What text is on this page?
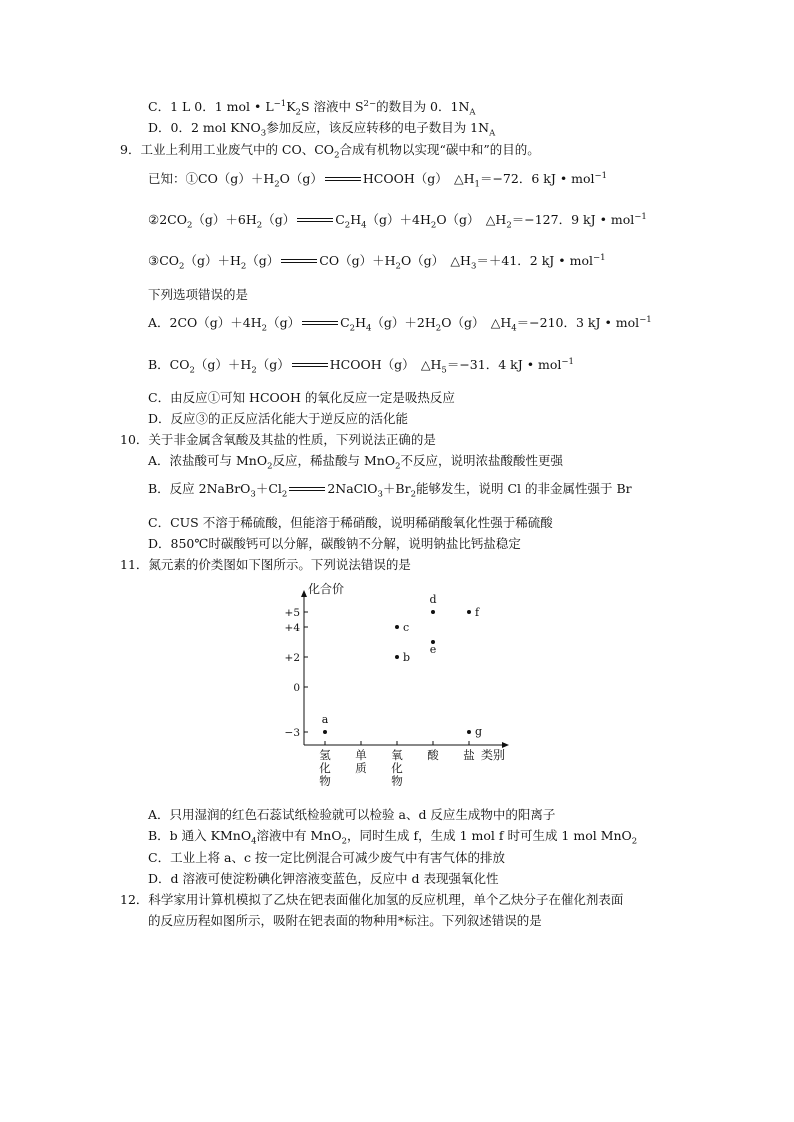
C．1 L 0．1 mol • $L^{-1}K_2S$ 溶液中 $S^{2-}$的数目为 0．$1N_A$
D．0．2 mol $KNO_3$参加反应，该反应转移的电子数目为 $1N_A$
9．工业上利用工业废气中的 CO、$CO_2$合成有机物以实现“碳中和”的目的。
已知：$①CO(g)+H_2O(g)$	HCOOH（g）　$\triangle H_1=-72$．6 kJ • mol$^{-1}$
$②2CO_2(g)+6H_2(g)$	$C_2H_4(g)+4H_2O(g)$　$\triangle H_2=-127$．9 kJ • mol$^{-1}$
$③CO_2(g)+H_2(g)$	$CO(g)+H_2O(g)$　$\triangle H_3=+41$．2 kJ • mol$^{-1}$
下列选项错误的是
A．$2CO(g)+4H_2(g)$	$C_2H_4(g)+2H_2O(g)$　$\triangle H_4=-210$．3 kJ • mol$^{-1}$
B．$CO_2(g)+H_2(g)$	HCOOH（g）　$\triangle H_5=-31$．4 kJ • mol$^{-1}$
C．由反应①可知 HCOOH 的氧化反应一定是吸热反应
D．反应③的正反应活化能大于逆反应的活化能
10．关于非金属含氧酸及其盐的性质，下列说法正确的是
A．浓盐酸可与 MnO$_2$反应，稀盐酸与 MnO$_2$不反应，说明浓盐酸酸性更强
B．反应 $2NaBrO_3+Cl_2$	$2NaClO_3+Br_2$能够发生，说明 Cl 的非金属性强于 Br
C．CUS 不溶于稀硫酸，但能溶于稀硝酸，说明稀硝酸氧化性强于稀硫酸
D．850℃时碳酸钙可以分解，碳酸钠不分解，说明钠盐比钙盐稳定
11．氮元素的价类图如下图所示。下列说法错误的是
化合价
类别
+5
+4
+2
0
−3
氢化物
单质
氧化物
酸 盐
a
b
c
d
e
f
g
A．只用湿润的红色石蕊试纸检验就可以检验 a、d 反应生成物中的阳离子
B．b 通入 KMnO$_4$溶液中有 MnO$_2$，同时生成 f，生成 1 mol f 时可生成 1 mol MnO$_2$
C．工业上将 a、c 按一定比例混合可减少废气中有害气体的排放
D．d 溶液可使淀粉碘化钾溶液变蓝色，反应中 d 表现强氧化性
12．科学家用计算机模拟了乙炔在钯表面催化加氢的反应机理，单个乙炔分子在催化剂表面
的反应历程如图所示，吸附在钯表面的物种用*标注。下列叙述错误的是
